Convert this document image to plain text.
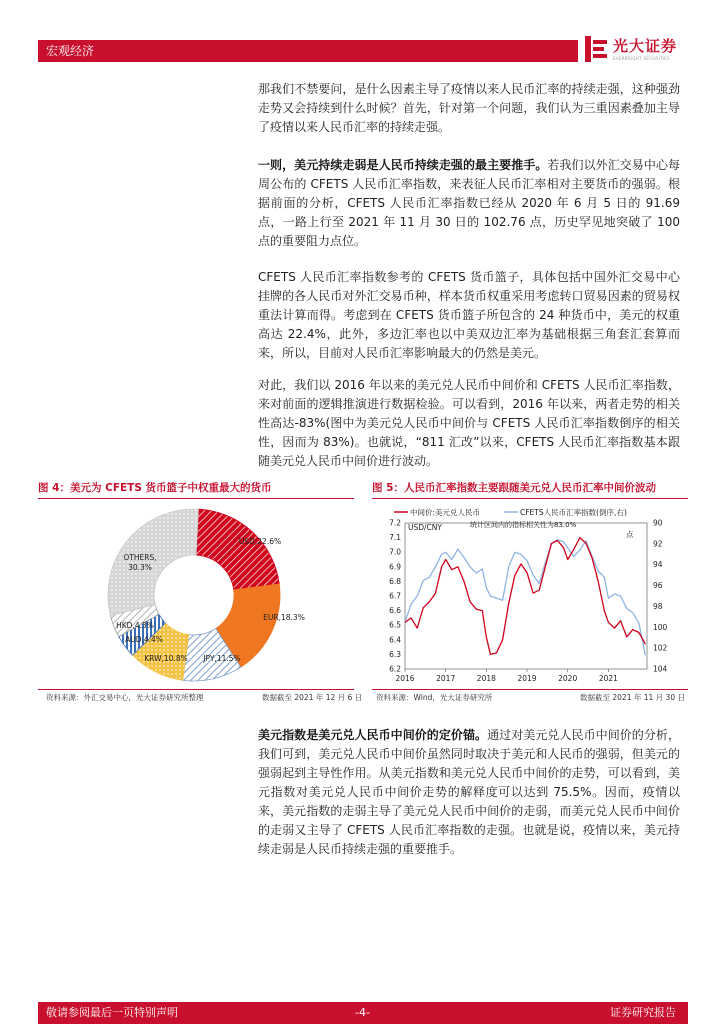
宏观经济	光大证券
EVERBRIGHT SECURITIES

那我们不禁要问，是什么因素主导了疫情以来人民币汇率的持续走强，这种强劲走势又会持续到什么时候？首先，针对第一个问题，我们认为三重因素叠加主导了疫情以来人民币汇率的持续走强。

一则，美元持续走弱是人民币持续走强的最主要推手。若我们以外汇交易中心每周公布的 CFETS 人民币汇率指数，来表征人民币汇率相对主要货币的强弱。根据前面的分析，CFETS 人民币汇率指数已经从 2020 年 6 月 5 日的 91.69 点，一路上行至 2021 年 11 月 30 日的 102.76 点，历史罕见地突破了 100 点的重要阻力点位。

CFETS 人民币汇率指数参考的 CFETS 货币篮子，具体包括中国外汇交易中心挂牌的各人民币对外汇交易币种，样本货币权重采用考虑转口贸易因素的贸易权重法计算而得。考虑到在 CFETS 货币篮子所包含的 24 种货币中，美元的权重高达 22.4%，此外，多边汇率也以中美双边汇率为基础根据三角套汇套算而来，所以，目前对人民币汇率影响最大的仍然是美元。

对此，我们以 2016 年以来的美元兑人民币中间价和 CFETS 人民币汇率指数，来对前面的逻辑推演进行数据检验。可以看到，2016 年以来，两者走势的相关性高达-83%(图中为美元兑人民币中间价与 CFETS 人民币汇率指数倒序的相关性，因而为 83%)。也就说，“811 汇改”以来，CFETS 人民币汇率指数基本跟随美元兑人民币中间价进行波动。

图 4：美元为 CFETS 货币篮子中权重最大的货币
USD,22.6%
EUR,18.3%
JPY,11.5%
KRW,10.8%
AUD,4.4%
HKD,4.3%
OTHERS, 30.3%
资料来源：外汇交易中心，光大证券研究所整理	数据截至 2021 年 12 月 6 日
图 5：人民币汇率指数主要跟随美元兑人民币汇率中间价波动
中间价:美元兑人民币	CFETS人民币汇率指数(倒序,右)
USD/CNY	统计区间内的指标相关性为83.0%
点
6.2
6.3
6.4
6.5
6.6
6.7
6.8
6.9
7.0
7.1
7.2	90
92
94
96
98
100
102
104
2016	2017	2018	2019	2020	2021
资料来源：Wind，光大证券研究所	数据截至 2021 年 11 月 30 日

美元指数是美元兑人民币中间价的定价锚。通过对美元兑人民币中间价的分析，我们可到，美元兑人民币中间价虽然同时取决于美元和人民币的强弱，但美元的强弱起到主导性作用。从美元指数和美元兑人民币中间价的走势，可以看到，美元指数对美元兑人民币中间价走势的解释度可以达到 75.5%。因而，疫情以来，美元指数的走弱主导了美元兑人民币中间价的走弱，而美元兑人民币中间价的走弱又主导了 CFETS 人民币汇率指数的走强。也就是说，疫情以来，美元持续走弱是人民币持续走强的重要推手。

敬请参阅最后一页特别声明	-4-	证券研究报告
